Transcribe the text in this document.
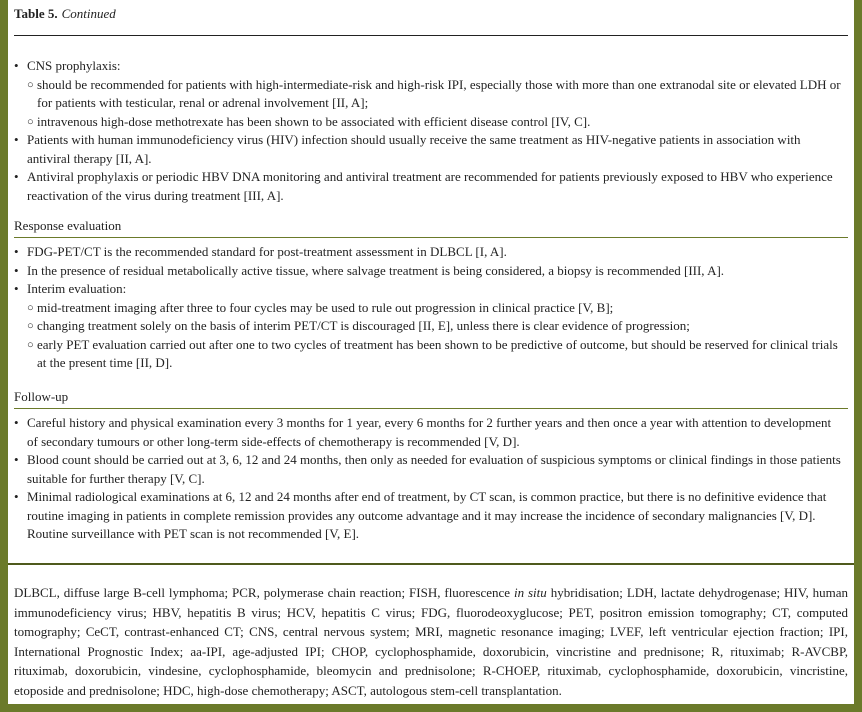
Table 5. Continued
• CNS prophylaxis:
○ should be recommended for patients with high-intermediate-risk and high-risk IPI, especially those with more than one extranodal site or elevated LDH or for patients with testicular, renal or adrenal involvement [II, A];
○ intravenous high-dose methotrexate has been shown to be associated with efficient disease control [IV, C].
• Patients with human immunodeficiency virus (HIV) infection should usually receive the same treatment as HIV-negative patients in association with antiviral therapy [II, A].
• Antiviral prophylaxis or periodic HBV DNA monitoring and antiviral treatment are recommended for patients previously exposed to HBV who experience reactivation of the virus during treatment [III, A].
Response evaluation
• FDG-PET/CT is the recommended standard for post-treatment assessment in DLBCL [I, A].
• In the presence of residual metabolically active tissue, where salvage treatment is being considered, a biopsy is recommended [III, A].
• Interim evaluation:
○ mid-treatment imaging after three to four cycles may be used to rule out progression in clinical practice [V, B];
○ changing treatment solely on the basis of interim PET/CT is discouraged [II, E], unless there is clear evidence of progression;
○ early PET evaluation carried out after one to two cycles of treatment has been shown to be predictive of outcome, but should be reserved for clinical trials at the present time [II, D].
Follow-up
• Careful history and physical examination every 3 months for 1 year, every 6 months for 2 further years and then once a year with attention to development of secondary tumours or other long-term side-effects of chemotherapy is recommended [V, D].
• Blood count should be carried out at 3, 6, 12 and 24 months, then only as needed for evaluation of suspicious symptoms or clinical findings in those patients suitable for further therapy [V, C].
• Minimal radiological examinations at 6, 12 and 24 months after end of treatment, by CT scan, is common practice, but there is no definitive evidence that routine imaging in patients in complete remission provides any outcome advantage and it may increase the incidence of secondary malignancies [V, D]. Routine surveillance with PET scan is not recommended [V, E].
DLBCL, diffuse large B-cell lymphoma; PCR, polymerase chain reaction; FISH, fluorescence in situ hybridisation; LDH, lactate dehydrogenase; HIV, human immunodeficiency virus; HBV, hepatitis B virus; HCV, hepatitis C virus; FDG, fluorodeoxyglucose; PET, positron emission tomography; CT, computed tomography; CeCT, contrast-enhanced CT; CNS, central nervous system; MRI, magnetic resonance imaging; LVEF, left ventricular ejection fraction; IPI, International Prognostic Index; aa-IPI, age-adjusted IPI; CHOP, cyclophosphamide, doxorubicin, vincristine and prednisone; R, rituximab; R-AVCBP, rituximab, doxorubicin, vindesine, cyclophosphamide, bleomycin and prednisolone; R-CHOEP, rituximab, cyclophosphamide, doxorubicin, vincristine, etoposide and prednisolone; HDC, high-dose chemotherapy; ASCT, autologous stem-cell transplantation.
